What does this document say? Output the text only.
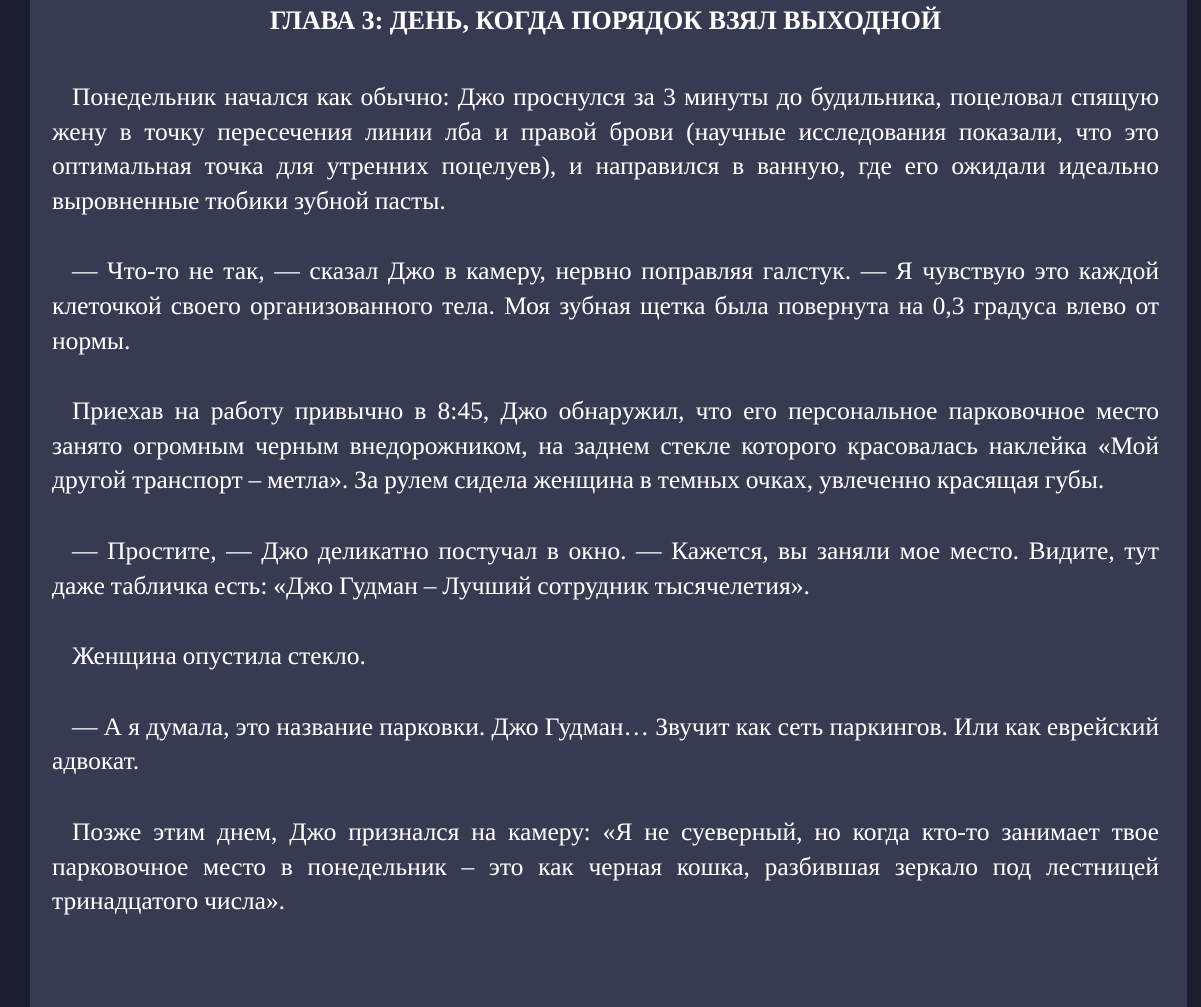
ГЛАВА 3: ДЕНЬ, КОГДА ПОРЯДОК ВЗЯЛ ВЫХОДНОЙ

Понедельник начался как обычно: Джо проснулся за 3 минуты до будильника, поцеловал спящую жену в точку пересечения линии лба и правой брови (научные исследования показали, что это оптимальная точка для утренних поцелуев), и направился в ванную, где его ожидали идеально выровненные тюбики зубной пасты.

— Что-то не так, — сказал Джо в камеру, нервно поправляя галстук. — Я чувствую это каждой клеточкой своего организованного тела. Моя зубная щетка была повернута на 0,3 градуса влево от нормы.

Приехав на работу привычно в 8:45, Джо обнаружил, что его персональное парковочное место занято огромным черным внедорожником, на заднем стекле которого красовалась наклейка «Мой другой транспорт – метла». За рулем сидела женщина в темных очках, увлеченно красящая губы.

— Простите, — Джо деликатно постучал в окно. — Кажется, вы заняли мое место. Видите, тут даже табличка есть: «Джо Гудман – Лучший сотрудник тысячелетия».

Женщина опустила стекло.

— А я думала, это название парковки. Джо Гудман… Звучит как сеть паркингов. Или как еврейский адвокат.

Позже этим днем, Джо признался на камеру: «Я не суеверный, но когда кто-то занимает твое парковочное место в понедельник – это как черная кошка, разбившая зеркало под лестницей тринадцатого числа».
